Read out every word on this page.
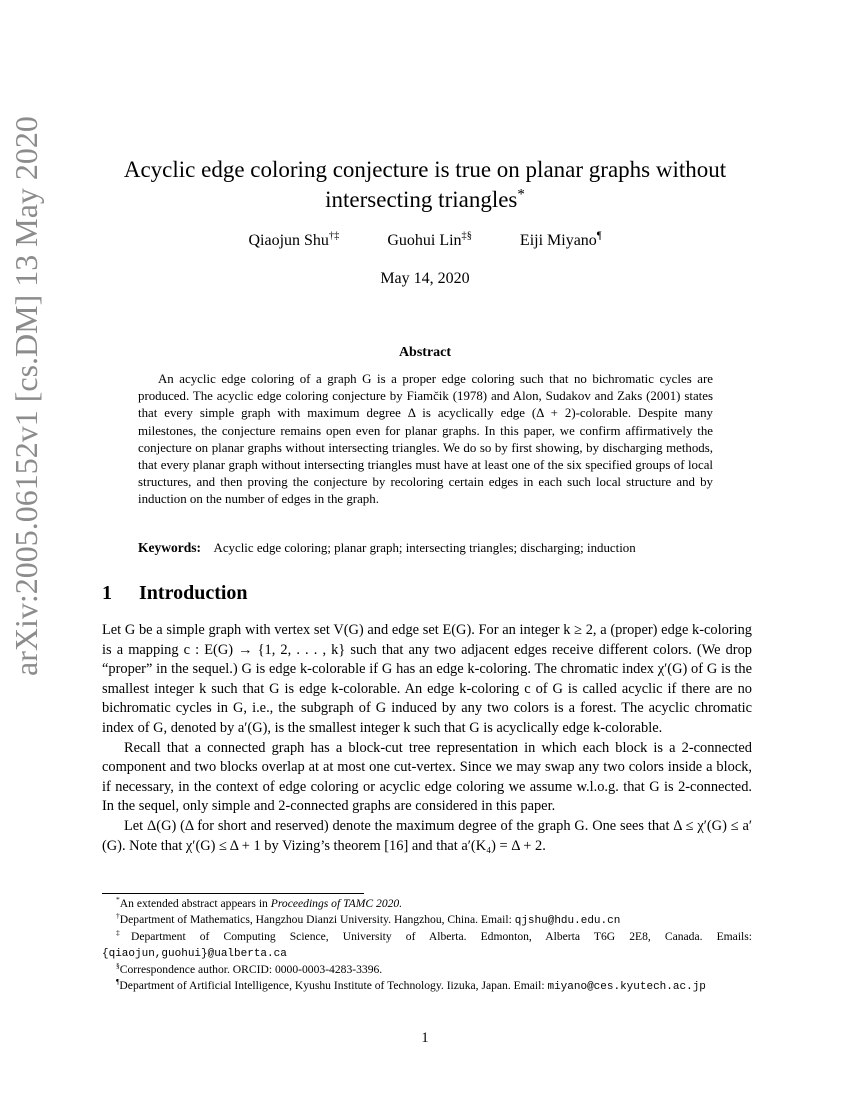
arXiv:2005.06152v1 [cs.DM] 13 May 2020	Acyclic edge coloring conjecture is true on planar graphs without
intersecting triangles*
Qiaojun Shu†‡	Guohui Lin‡§	Eiji Miyano¶
May 14, 2020
Abstract
An acyclic edge coloring of a graph G is a proper edge coloring such that no bichromatic cycles are produced. The acyclic edge coloring conjecture by Fiamčik (1978) and Alon, Sudakov and Zaks (2001) states that every simple graph with maximum degree Δ is acyclically edge (Δ + 2)-colorable. Despite many milestones, the conjecture remains open even for planar graphs. In this paper, we confirm affirmatively the conjecture on planar graphs without intersecting triangles. We do so by first showing, by discharging methods, that every planar graph without intersecting triangles must have at least one of the six specified groups of local structures, and then proving the conjecture by recoloring certain edges in each such local structure and by induction on the number of edges in the graph.
Keywords: Acyclic edge coloring; planar graph; intersecting triangles; discharging; induction
1 Introduction

Let G be a simple graph with vertex set V(G) and edge set E(G). For an integer k ≥ 2, a (proper) edge k-coloring is a mapping c : E(G) → {1, 2, . . . , k} such that any two adjacent edges receive different colors. (We drop “proper” in the sequel.) G is edge k-colorable if G has an edge k-coloring. The chromatic index χ′(G) of G is the smallest integer k such that G is edge k-colorable. An edge k-coloring c of G is called acyclic if there are no bichromatic cycles in G, i.e., the subgraph of G induced by any two colors is a forest. The acyclic chromatic index of G, denoted by a′(G), is the smallest integer k such that G is acyclically edge k-colorable.

Recall that a connected graph has a block-cut tree representation in which each block is a 2-connected component and two blocks overlap at at most one cut-vertex. Since we may swap any two colors inside a block, if necessary, in the context of edge coloring or acyclic edge coloring we assume w.l.o.g. that G is 2-connected. In the sequel, only simple and 2-connected graphs are considered in this paper.

Let Δ(G) (Δ for short and reserved) denote the maximum degree of the graph G. One sees that Δ ≤ χ′(G) ≤ a′(G). Note that χ′(G) ≤ Δ + 1 by Vizing’s theorem [16] and that a′(K₄) = Δ + 2.

*An extended abstract appears in Proceedings of TAMC 2020.

†Department of Mathematics, Hangzhou Dianzi University. Hangzhou, China. Email: qjshu@hdu.edu.cn

‡Department of Computing Science, University of Alberta. Edmonton, Alberta T6G 2E8, Canada. Emails: {qiaojun,guohui}@ualberta.ca

§Correspondence author. ORCID: 0000-0003-4283-3396.

¶Department of Artificial Intelligence, Kyushu Institute of Technology. Iizuka, Japan. Email: miyano@ces.kyutech.ac.jp

1
